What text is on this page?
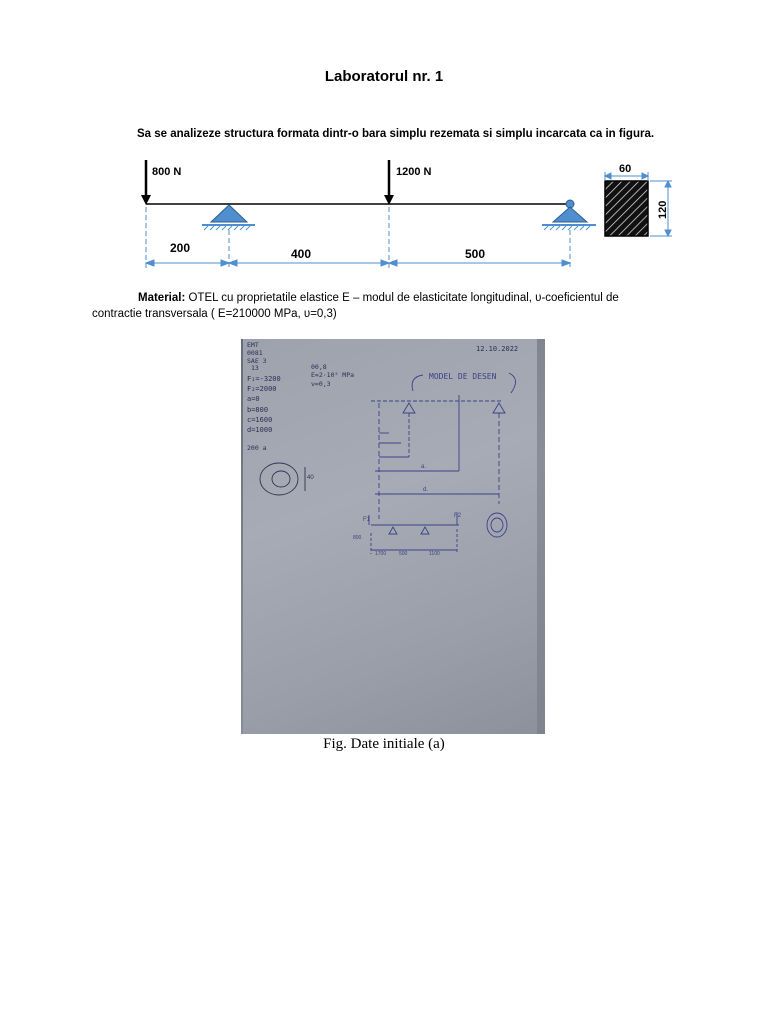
Laboratorul nr. 1
Sa se analizeze structura formata dintr-o bara simplu rezemata si simplu incarcata ca in figura.
800 N	1200 N
200	400	500
60
120
Material: OTEL cu proprietatile elastice E – modul de elasticitate longitudinal, υ-coeficientul de
contractie transversala ( E=210000 MPa, υ=0,3)
EMT
0081
SAE 3
13
F₁=-3200
F₂=2000
a=0
b=800
c=1600
d=1000
200 a
00,8
E=2·10⁵ MPa
ν=0,3
12.10.2022
MODEL DE DESEN
a.
d.
F1
F2
1700	500	1100
800
40
Fig. Date initiale (a)
